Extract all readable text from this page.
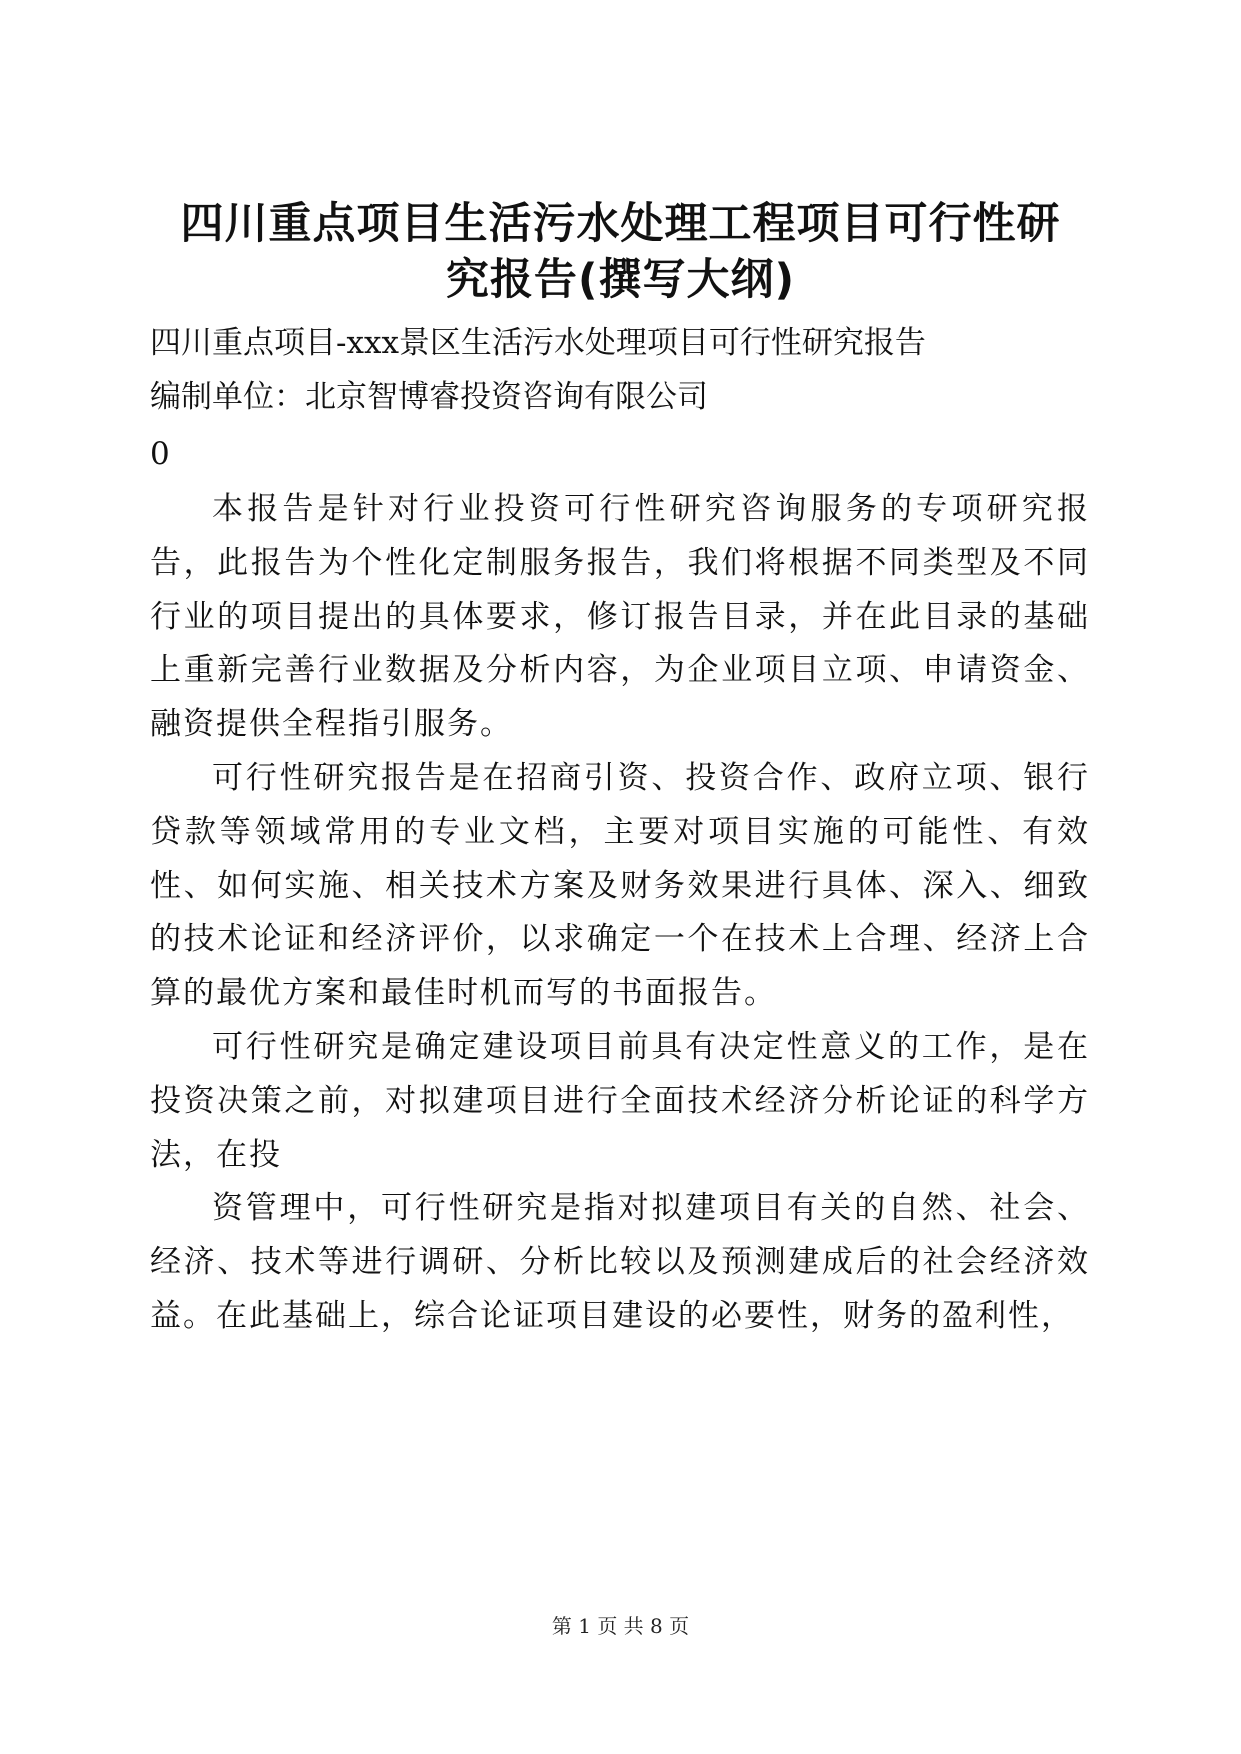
四川重点项目生活污水处理工程项目可行性研
究报告(撰写大纲)
四川重点项目-xxx景区生活污水处理项目可行性研究报告
编制单位：北京智博睿投资咨询有限公司
0

本报告是针对行业投资可行性研究咨询服务的专项研究报告，此报告为个性化定制服务报告，我们将根据不同类型及不同行业的项目提出的具体要求，修订报告目录，并在此目录的基础上重新完善行业数据及分析内容，为企业项目立项、申请资金、融资提供全程指引服务。

可行性研究报告是在招商引资、投资合作、政府立项、银行贷款等领域常用的专业文档，主要对项目实施的可能性、有效性、如何实施、相关技术方案及财务效果进行具体、深入、细致的技术论证和经济评价，以求确定一个在技术上合理、经济上合算的最优方案和最佳时机而写的书面报告。

可行性研究是确定建设项目前具有决定性意义的工作，是在投资决策之前，对拟建项目进行全面技术经济分析论证的科学方法，在投

资管理中，可行性研究是指对拟建项目有关的自然、社会、经济、技术等进行调研、分析比较以及预测建成后的社会经济效益。在此基础上，综合论证项目建设的必要性，财务的盈利性，

第 1 页 共 8 页
